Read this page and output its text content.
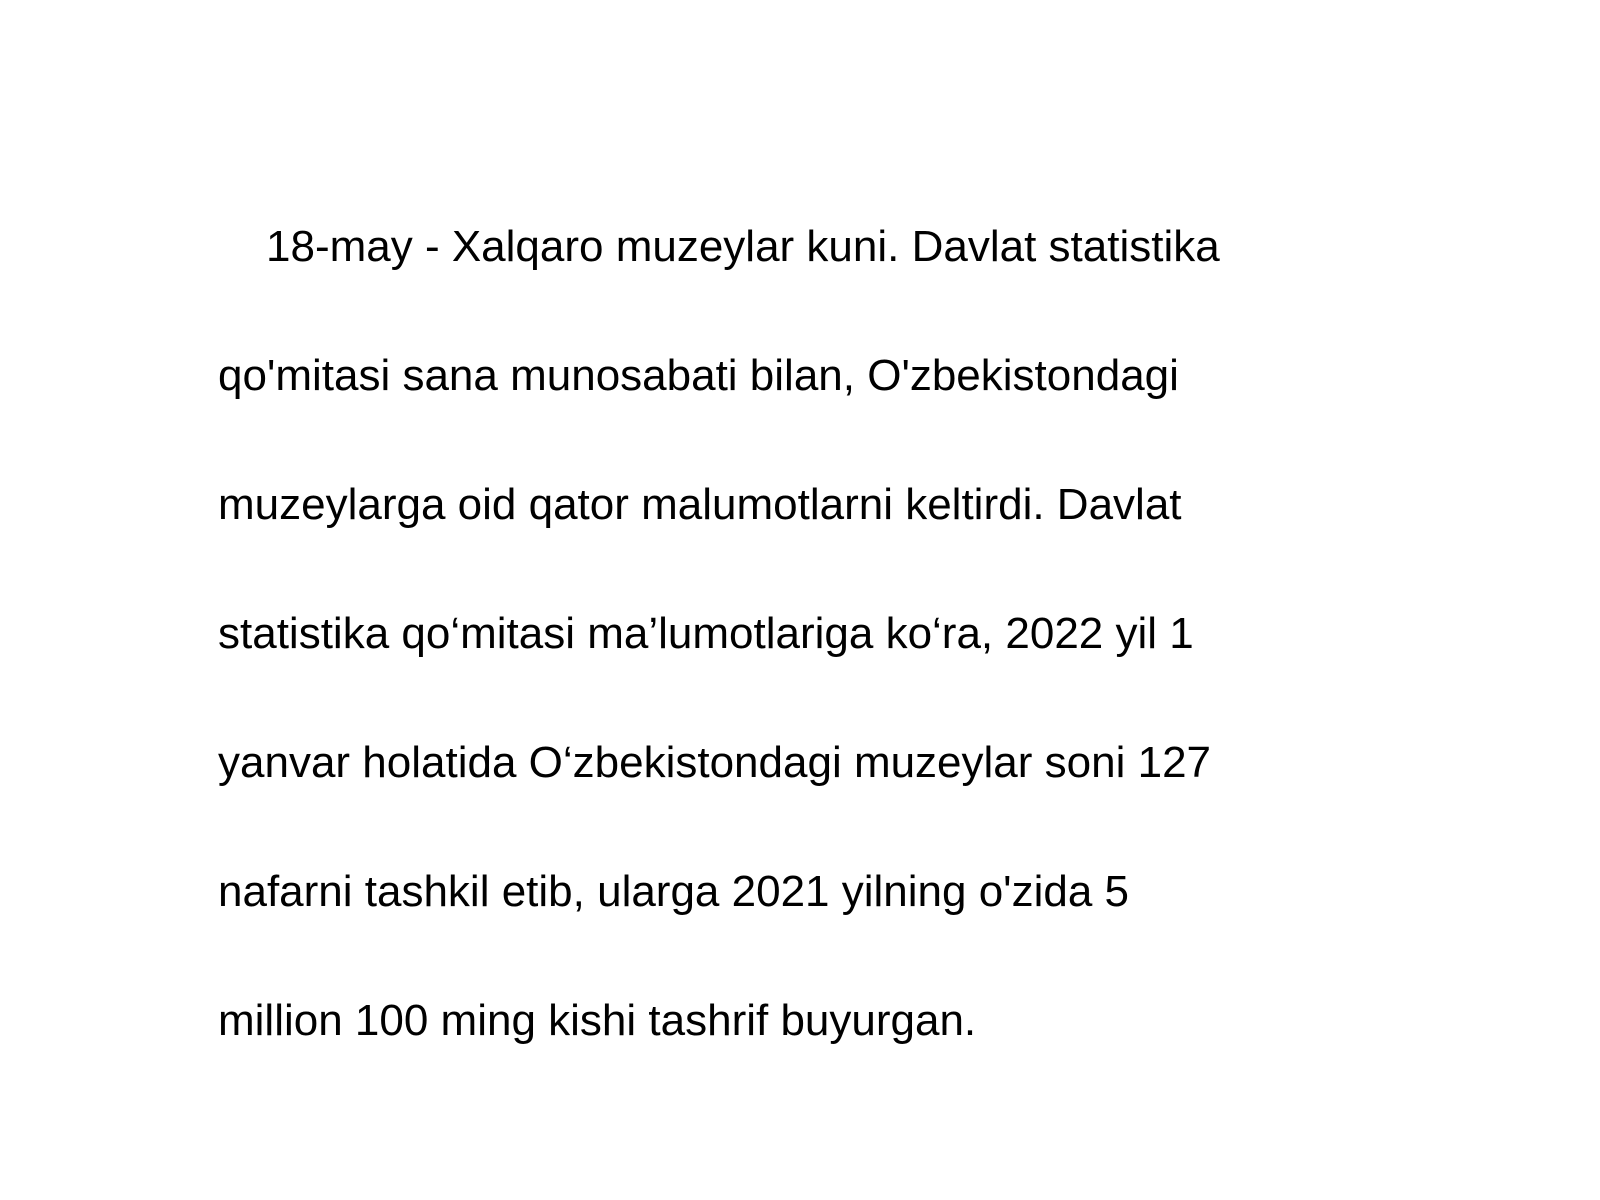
18-may - Xalqaro muzeylar kuni. Davlat statistika

qo'mitasi sana munosabati bilan, O'zbekistondagi

muzeylarga oid qator malumotlarni keltirdi. Davlat

statistika qo‘mitasi ma’lumotlariga ko‘ra, 2022 yil 1

yanvar holatida O‘zbekistondagi muzeylar soni 127

nafarni tashkil etib, ularga 2021 yilning o'zida 5

million 100 ming kishi tashrif buyurgan.
